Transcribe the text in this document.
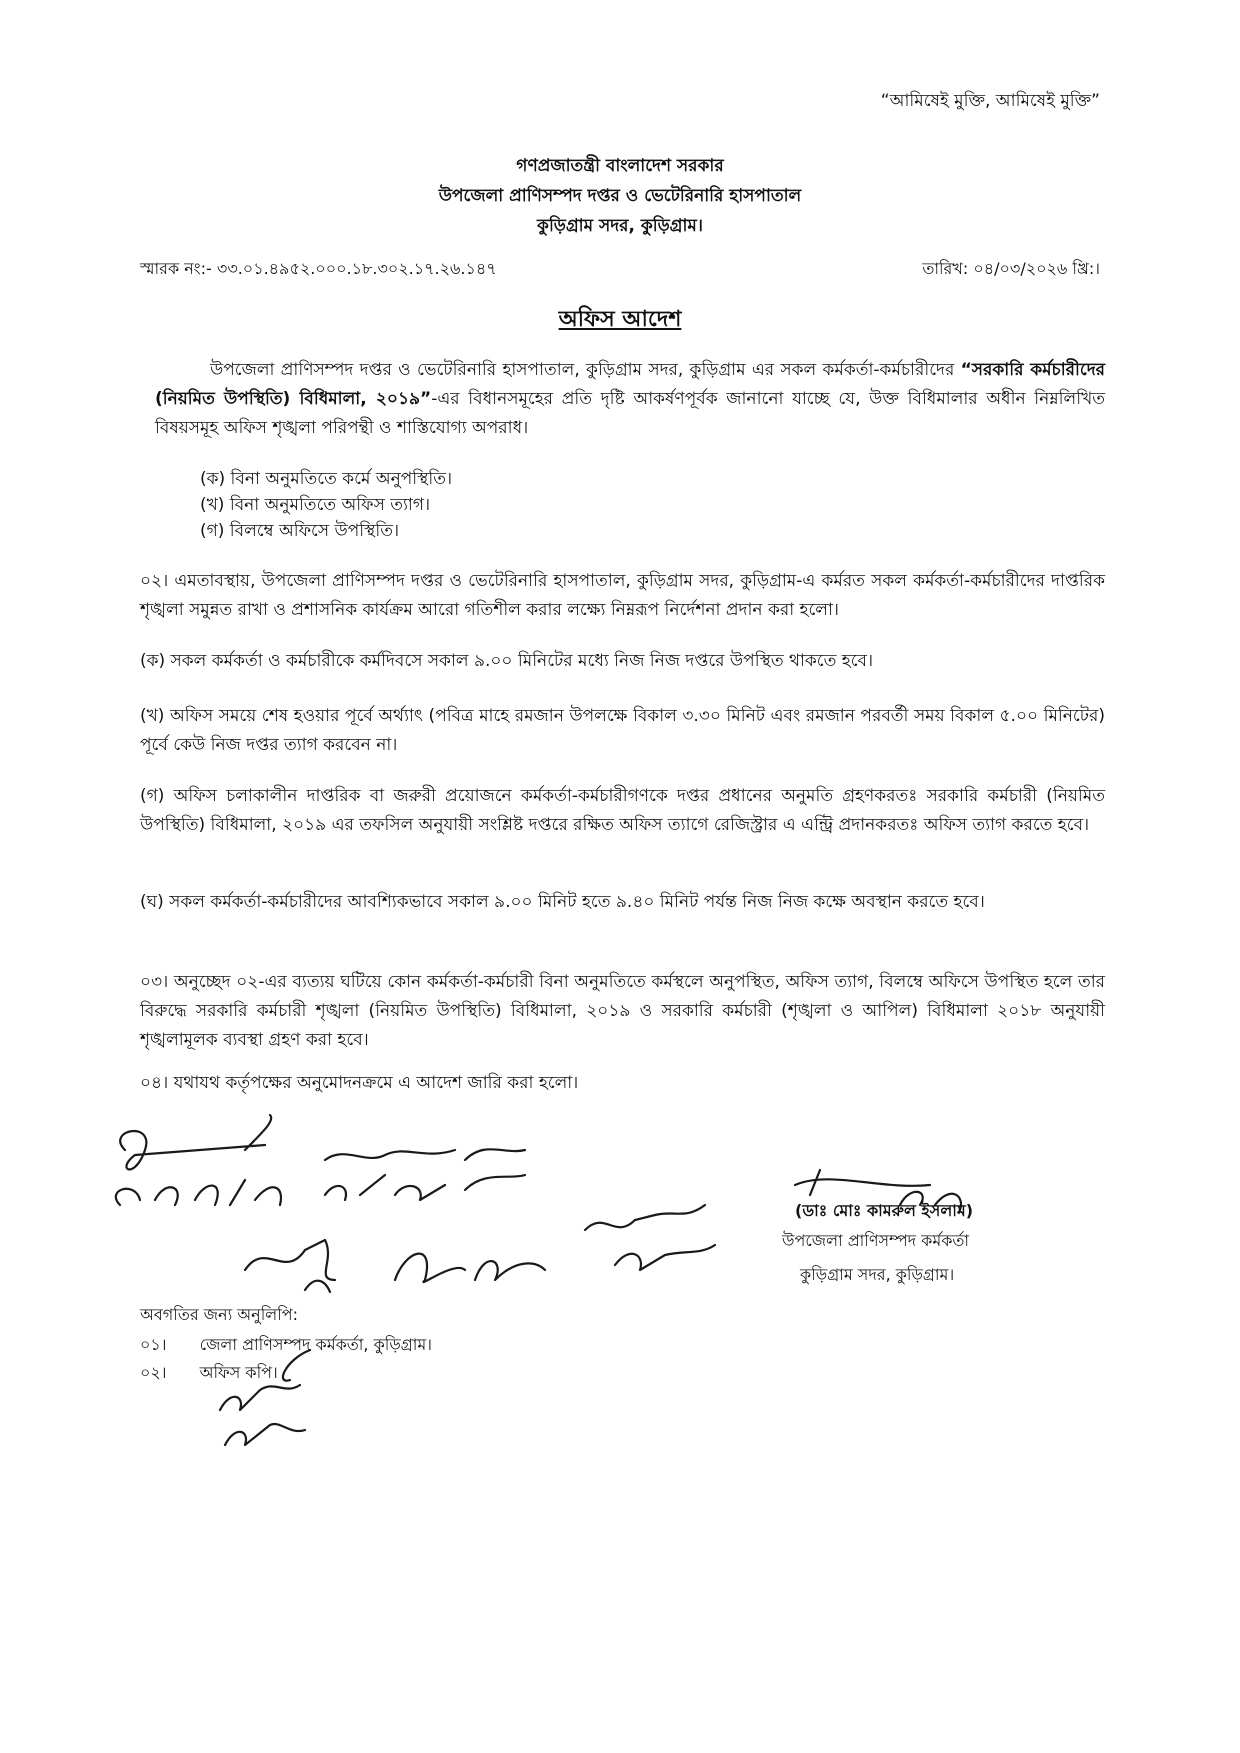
“আমিষেই মুক্তি, আমিষেই মুক্তি”
গণপ্রজাতন্ত্রী বাংলাদেশ সরকার
উপজেলা প্রাণিসম্পদ দপ্তর ও ভেটেরিনারি হাসপাতাল
কুড়িগ্রাম সদর, কুড়িগ্রাম।
স্মারক নং:- ৩৩.০১.৪৯৫২.০০০.১৮.৩০২.১৭.২৬.১৪৭	তারিখ: ০৪/০৩/২০২৬ খ্রি:।
অফিস আদেশ
উপজেলা প্রাণিসম্পদ দপ্তর ও ভেটেরিনারি হাসপাতাল, কুড়িগ্রাম সদর, কুড়িগ্রাম এর সকল কর্মকর্তা-কর্মচারীদের “সরকারি কর্মচারীদের (নিয়মিত উপস্থিতি) বিধিমালা, ২০১৯”-এর বিধানসমূহের প্রতি দৃষ্টি আকর্ষণপূর্বক জানানো যাচ্ছে যে, উক্ত বিধিমালার অধীন নিম্নলিখিত বিষয়সমূহ অফিস শৃঙ্খলা পরিপন্থী ও শাস্তিযোগ্য অপরাধ।
(ক) বিনা অনুমতিতে কর্মে অনুপস্থিতি।
(খ) বিনা অনুমতিতে অফিস ত্যাগ।
(গ) বিলম্বে অফিসে উপস্থিতি।
০২। এমতাবস্থায়, উপজেলা প্রাণিসম্পদ দপ্তর ও ভেটেরিনারি হাসপাতাল, কুড়িগ্রাম সদর, কুড়িগ্রাম-এ কর্মরত সকল কর্মকর্তা-কর্মচারীদের দাপ্তরিক শৃঙ্খলা সমুন্নত রাখা ও প্রশাসনিক কার্যক্রম আরো গতিশীল করার লক্ষ্যে নিম্নরূপ নির্দেশনা প্রদান করা হলো।
(ক) সকল কর্মকর্তা ও কর্মচারীকে কর্মদিবসে সকাল ৯.০০ মিনিটের মধ্যে নিজ নিজ দপ্তরে উপস্থিত থাকতে হবে।
(খ) অফিস সময়ে শেষ হওয়ার পূর্বে অর্থ্যাৎ (পবিত্র মাহে রমজান উপলক্ষে বিকাল ৩.৩০ মিনিট এবং রমজান পরবর্তী সময় বিকাল ৫.০০ মিনিটের) পূর্বে কেউ নিজ দপ্তর ত্যাগ করবেন না।
(গ) অফিস চলাকালীন দাপ্তরিক বা জরুরী প্রয়োজনে কর্মকর্তা-কর্মচারীগণকে দপ্তর প্রধানের অনুমতি গ্রহণকরতঃ সরকারি কর্মচারী (নিয়মিত উপস্থিতি) বিধিমালা, ২০১৯ এর তফসিল অনুযায়ী সংশ্লিষ্ট দপ্তরে রক্ষিত অফিস ত্যাগে রেজিস্ট্রার এ এন্ট্রি প্রদানকরতঃ অফিস ত্যাগ করতে হবে।
(ঘ) সকল কর্মকর্তা-কর্মচারীদের আবশ্যিকভাবে সকাল ৯.০০ মিনিট হতে ৯.৪০ মিনিট পর্যন্ত নিজ নিজ কক্ষে অবস্থান করতে হবে।
০৩। অনুচ্ছেদ ০২-এর ব্যত্যয় ঘটিয়ে কোন কর্মকর্তা-কর্মচারী বিনা অনুমতিতে কর্মস্থলে অনুপস্থিত, অফিস ত্যাগ, বিলম্বে অফিসে উপস্থিত হলে তার বিরুদ্ধে সরকারি কর্মচারী শৃঙ্খলা (নিয়মিত উপস্থিতি) বিধিমালা, ২০১৯ ও সরকারি কর্মচারী (শৃঙ্খলা ও আপিল) বিধিমালা ২০১৮ অনুযায়ী শৃঙ্খলামূলক ব্যবস্থা গ্রহণ করা হবে।
০৪। যথাযথ কর্তৃপক্ষের অনুমোদনক্রমে এ আদেশ জারি করা হলো।
(ডাঃ মোঃ কামরুল ইসলাম)
উপজেলা প্রাণিসম্পদ কর্মকর্তা
কুড়িগ্রাম সদর, কুড়িগ্রাম।
অবগতির জন্য অনুলিপি:
০১। জেলা প্রাণিসম্পদ কর্মকর্তা, কুড়িগ্রাম।
০২। অফিস কপি।
